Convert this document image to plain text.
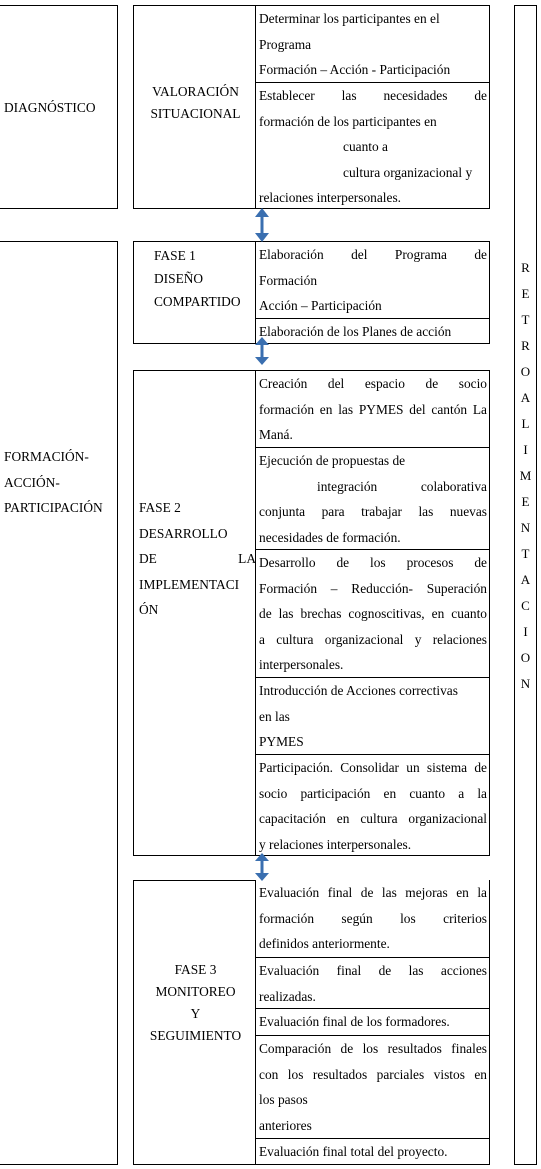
DIAGNÓSTICO
FORMACIÓN-
ACCIÓN-
PARTICIPACIÓN
VALORACIÓN
SITUACIONAL
FASE 1
DISEÑO
COMPARTIDO
FASE 2
DESARROLLO
DE LA
IMPLEMENTACI
ÓN
FASE 3
MONITOREO
Y
SEGUIMIENTO
Determinar los participantes en el
Programa
Formación – Acción - Participación
Establecer las necesidades de
formación de los participantes en
cuanto a
cultura organizacional y
relaciones interpersonales.
Elaboración del Programa de
Formación
Acción – Participación
Elaboración de los Planes de acción
Creación del espacio de socio
formación en las PYMES del cantón La
Maná.
Ejecución de propuestas de
integración colaborativa
conjunta para trabajar las nuevas
necesidades de formación.
Desarrollo de los procesos de
Formación – Reducción- Superación
de las brechas cognoscitivas, en cuanto
a cultura organizacional y relaciones
interpersonales.
Introducción de Acciones correctivas
en las
PYMES
Participación. Consolidar un sistema de
socio participación en cuanto a la
capacitación en cultura organizacional
y relaciones interpersonales.
Evaluación final de las mejoras en la
formación según los criterios
definidos anteriormente.
Evaluación final de las acciones
realizadas.
Evaluación final de los formadores.
Comparación de los resultados finales
con los resultados parciales vistos en
los pasos
anteriores
Evaluación final total del proyecto.
R
E
T
R
O
A
L
I
M
E
N
T
A
C
I
O
N
